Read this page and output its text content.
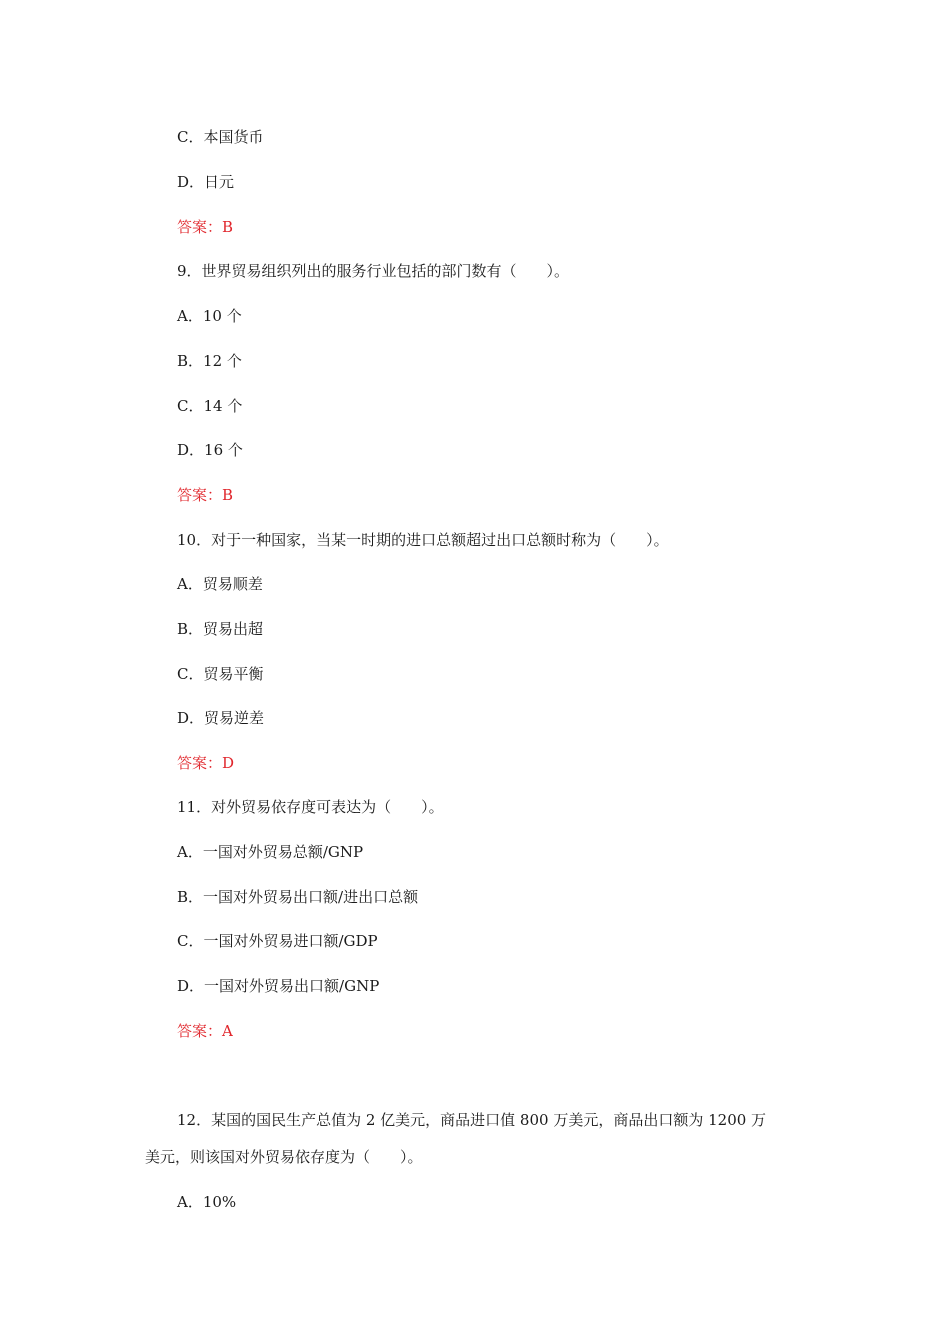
C．本国货币
D．日元
答案：B
9．世界贸易组织列出的服务行业包括的部门数有（　　）。
A．10 个
B．12 个
C．14 个
D．16 个
答案：B
10．对于一种国家，当某一时期的进口总额超过出口总额时称为（　　）。
A．贸易顺差
B．贸易出超
C．贸易平衡
D．贸易逆差
答案：D
11．对外贸易依存度可表达为（　　）。
A．一国对外贸易总额/GNP
B．一国对外贸易出口额/进出口总额
C．一国对外贸易进口额/GDP
D．一国对外贸易出口额/GNP
答案：A
12．某国的国民生产总值为 2 亿美元，商品进口值 800 万美元，商品出口额为 1200 万
美元，则该国对外贸易依存度为（　　）。
A．10%
